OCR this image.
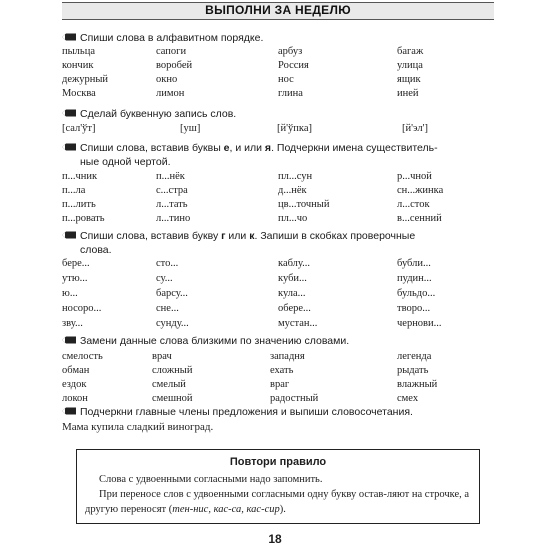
ВЫПОЛНИ ЗА НЕДЕЛЮ
Спиши слова в алфавитном порядке.
пыльца	сапоги	арбуз	багаж
кончик	воробей	Россия	улица
дежурный	окно	нос	ящик
Москва	лимон	глина	иней
Сделай буквенную запись слов.
[сал'ўт]	[уш]	[й'ўпка]	[й'эл']
Спиши слова, вставив буквы е, и или я. Подчеркни имена существитель-
ные одной чертой.
п...чник	п...нёк	пл...сун	р...чной
п...ла	с...стра	д...нёк	сн...жинка
п...лить	л...тать	цв...точный	л...сток
п...ровать	л...тино	пл...чо	в...сенний
Спиши слова, вставив букву г или к. Запиши в скобках проверочные
слова.
бере...	сто...	каблу...	бубли...
утю...	су...	куби...	пудин...
ю...	барсу...	кула...	бульдо...
носоро...	сне...	обере...	творо...
зву...	сунду...	мустан...	чернови...
Замени данные слова близкими по значению словами.
смелость	врач	западня	легенда
обман	сложный	ехать	рыдать
ездок	смелый	враг	влажный
локон	смешной	радостный	смех
Подчеркни главные члены предложения и выпиши словосочетания.
Мама купила сладкий виноград.
Повтори правило
Слова с удвоенными согласными надо запомнить.
При переносе слов с удвоенными согласными одну букву остав-ляют на строчке, а другую переносят (тен-нис, кас-са, кас-сир).
18
